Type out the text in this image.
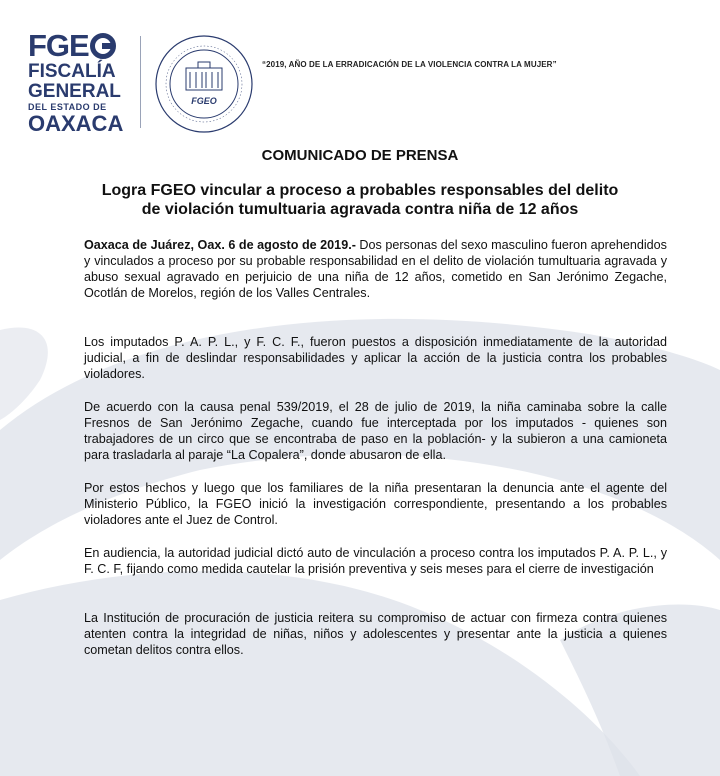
FGE
FISCALÍA
GENERAL
DEL ESTADO DE
OAXACA
FGEO
“2019, AÑO DE LA ERRADICACIÓN DE LA VIOLENCIA CONTRA LA MUJER”
COMUNICADO DE PRENSA
Logra FGEO vincular a proceso a probables responsables del delito
de violación tumultuaria agravada contra niña de 12 años
Oaxaca de Juárez, Oax. 6 de agosto de 2019.- Dos personas del sexo masculino fueron aprehendidos y vinculados a proceso por su probable responsabilidad en el delito de violación tumultuaria agravada y abuso sexual agravado en perjuicio de una niña de 12 años, cometido en San Jerónimo Zegache, Ocotlán de Morelos, región de los Valles Centrales.
Los imputados P. A. P. L., y F. C. F., fueron puestos a disposición inmediatamente de la autoridad judicial, a fin de deslindar responsabilidades y aplicar la acción de la justicia contra los probables violadores.
De acuerdo con la causa penal 539/2019, el 28 de julio de 2019, la niña caminaba sobre la calle Fresnos de San Jerónimo Zegache, cuando fue interceptada por los imputados - quienes son trabajadores de un circo que se encontraba de paso en la población- y la subieron a una camioneta para trasladarla al paraje “La Copalera”, donde abusaron de ella.
Por estos hechos y luego que los familiares de la niña presentaran la denuncia ante el agente del Ministerio Público, la FGEO inició la investigación correspondiente, presentando a los probables violadores ante el Juez de Control.
En audiencia, la autoridad judicial dictó auto de vinculación a proceso contra los imputados P. A. P. L., y F. C. F, fijando como medida cautelar la prisión preventiva y seis meses para el cierre de investigación
La Institución de procuración de justicia reitera su compromiso de actuar con firmeza contra quienes atenten contra la integridad de niñas, niños y adolescentes y presentar ante la justicia a quienes cometan delitos contra ellos.
